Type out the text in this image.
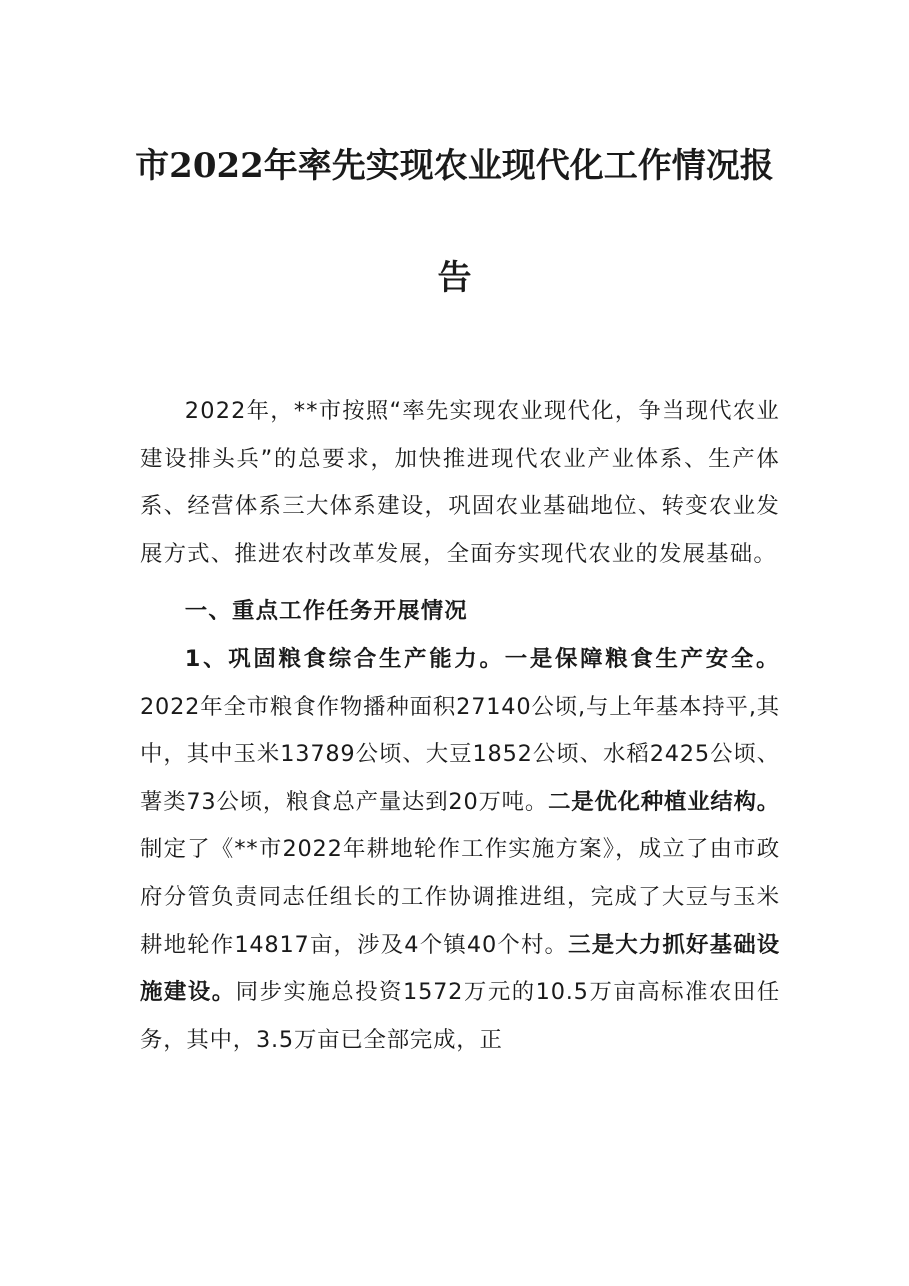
市2022年率先实现农业现代化工作情况报
告

2022年，**市按照“率先实现农业现代化，争当现代农业建设排头兵”的总要求，加快推进现代农业产业体系、生产体系、经营体系三大体系建设，巩固农业基础地位、转变农业发展方式、推进农村改革发展，全面夯实现代农业的发展基础。

一、重点工作任务开展情况

1、巩固粮食综合生产能力。一是保障粮食生产安全。2022年全市粮食作物播种面积27140公顷,与上年基本持平,其中，其中玉米13789公顷、大豆1852公顷、水稻2425公顷、薯类73公顷，粮食总产量达到20万吨。二是优化种植业结构。制定了《**市2022年耕地轮作工作实施方案》，成立了由市政府分管负责同志任组长的工作协调推进组，完成了大豆与玉米耕地轮作14817亩，涉及4个镇40个村。三是大力抓好基础设施建设。同步实施总投资1572万元的10.5万亩高标准农田任务，其中，3.5万亩已全部完成，正
